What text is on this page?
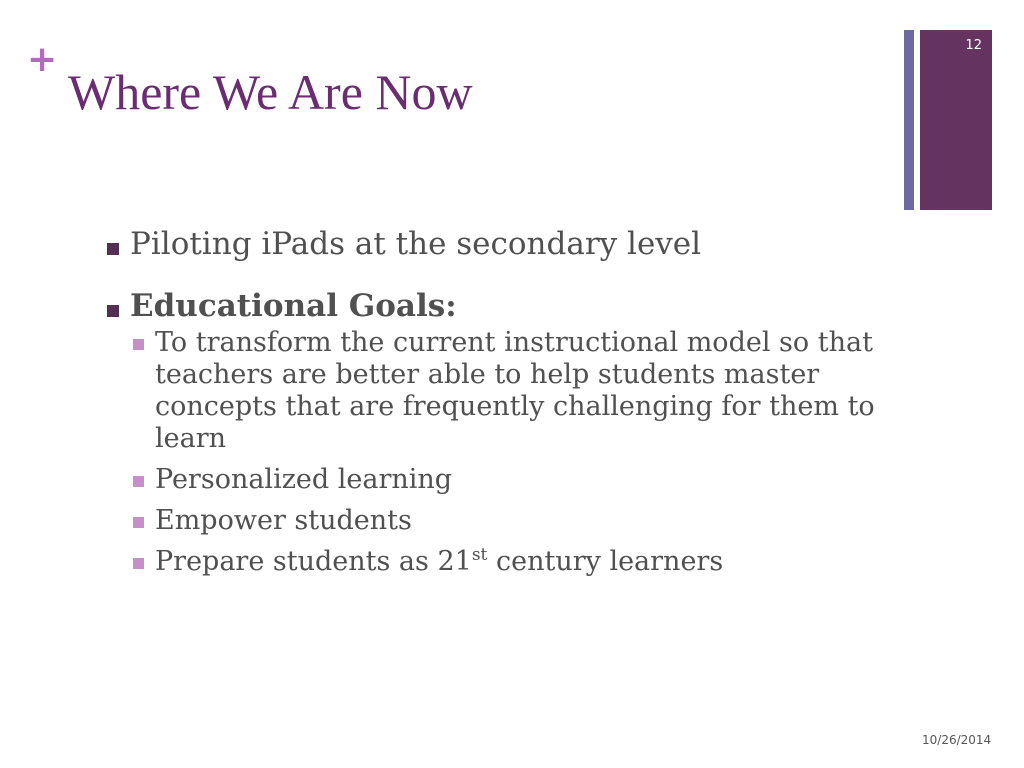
+
Where We Are Now
12
Piloting iPads at the secondary level
Educational Goals:
To transform the current instructional model so that teachers are better able to help students master concepts that are frequently challenging for them to learn
Personalized learning
Empower students
Prepare students as 21st century learners
10/26/2014
